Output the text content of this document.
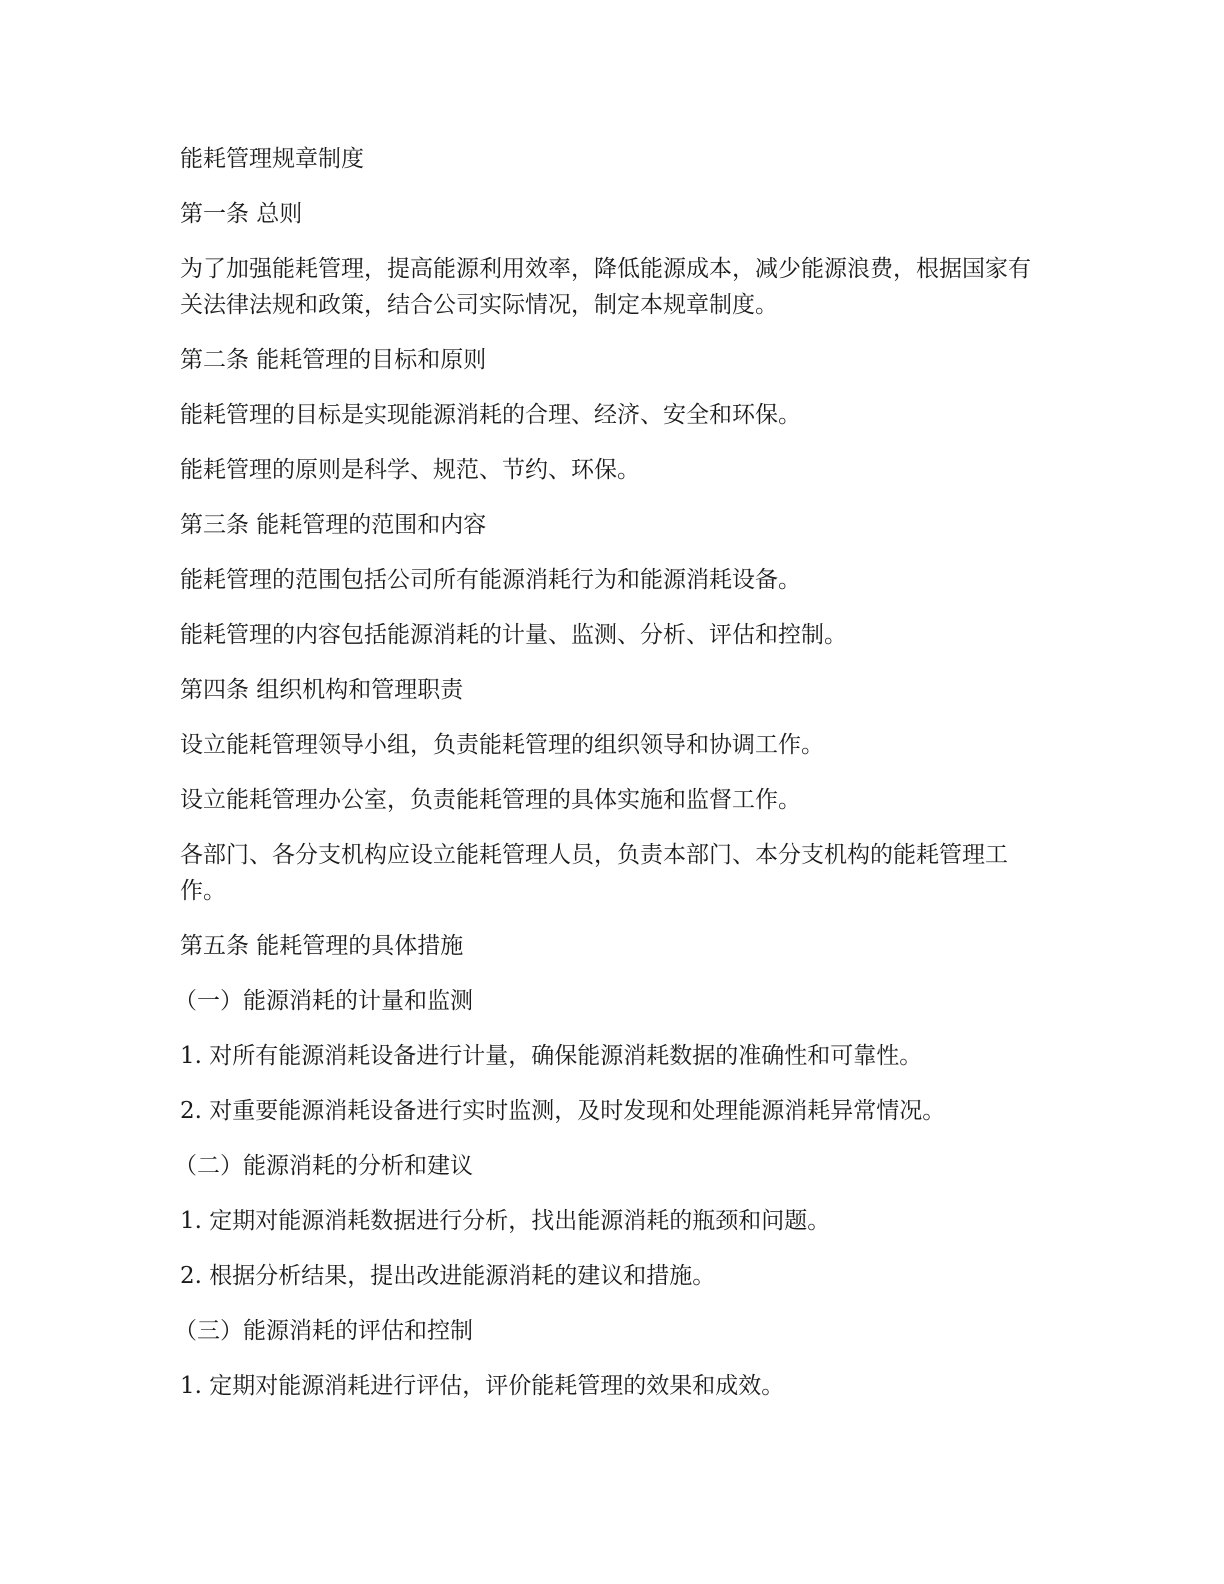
能耗管理规章制度

第一条 总则

为了加强能耗管理，提高能源利用效率，降低能源成本，减少能源浪费，根据国家有关法律法规和政策，结合公司实际情况，制定本规章制度。

第二条 能耗管理的目标和原则

能耗管理的目标是实现能源消耗的合理、经济、安全和环保。

能耗管理的原则是科学、规范、节约、环保。

第三条 能耗管理的范围和内容

能耗管理的范围包括公司所有能源消耗行为和能源消耗设备。

能耗管理的内容包括能源消耗的计量、监测、分析、评估和控制。

第四条 组织机构和管理职责

设立能耗管理领导小组，负责能耗管理的组织领导和协调工作。

设立能耗管理办公室，负责能耗管理的具体实施和监督工作。

各部门、各分支机构应设立能耗管理人员，负责本部门、本分支机构的能耗管理工作。

第五条 能耗管理的具体措施

（一）能源消耗的计量和监测

1. 对所有能源消耗设备进行计量，确保能源消耗数据的准确性和可靠性。

2. 对重要能源消耗设备进行实时监测，及时发现和处理能源消耗异常情况。

（二）能源消耗的分析和建议

1. 定期对能源消耗数据进行分析，找出能源消耗的瓶颈和问题。

2. 根据分析结果，提出改进能源消耗的建议和措施。

（三）能源消耗的评估和控制

1. 定期对能源消耗进行评估，评价能耗管理的效果和成效。
